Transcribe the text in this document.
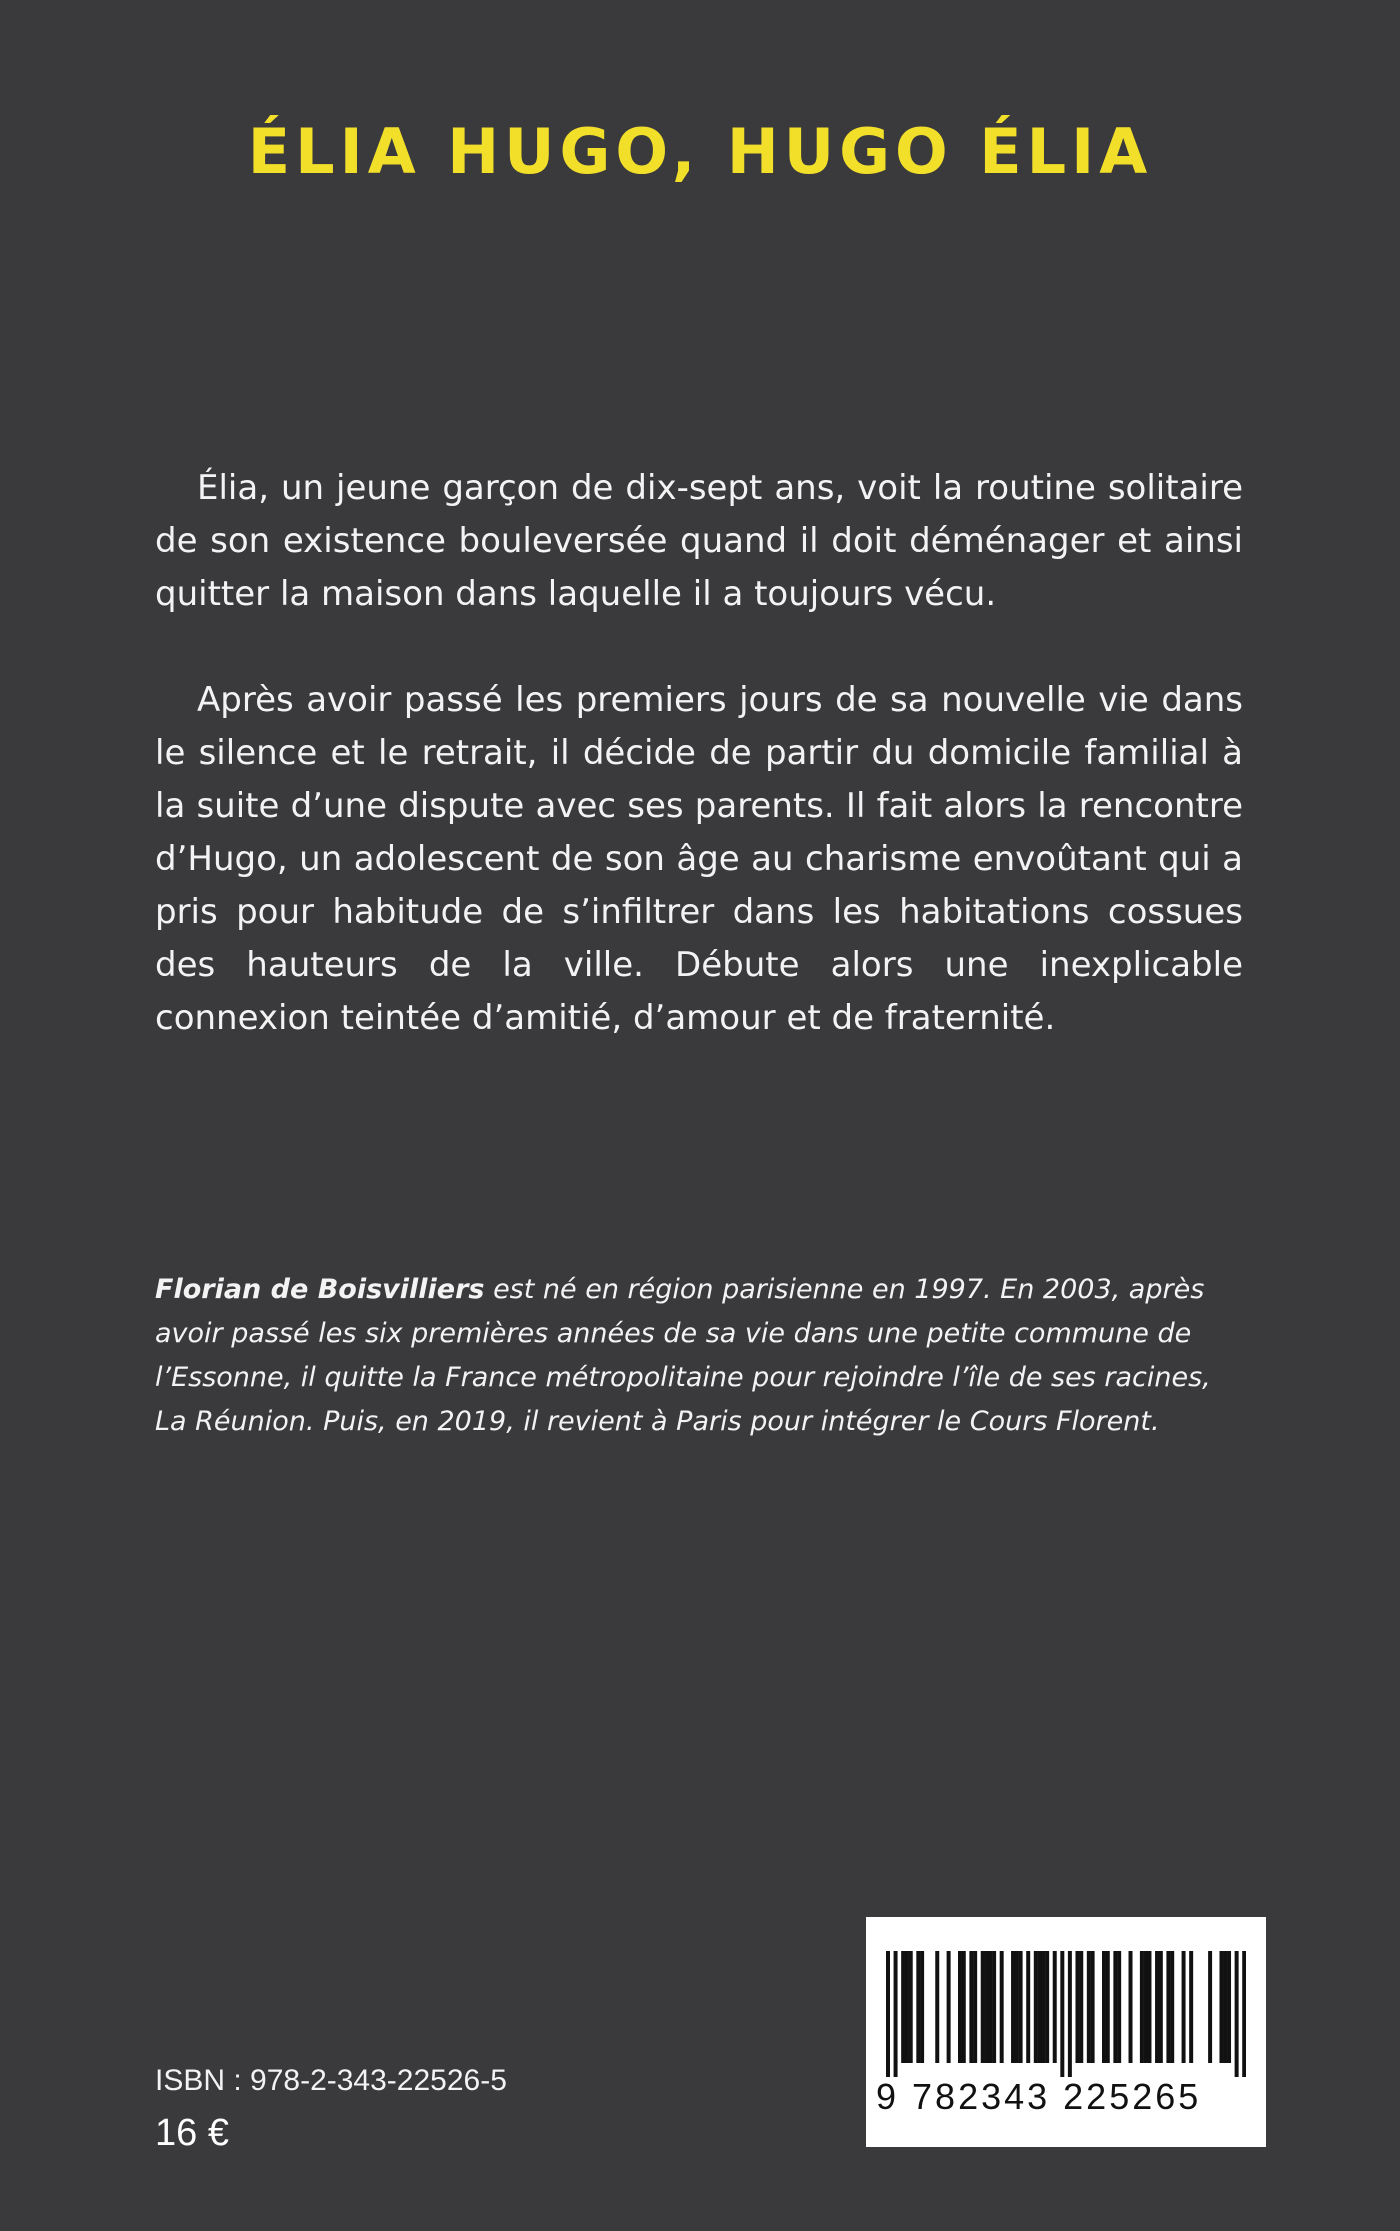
ÉLIA HUGO, HUGO ÉLIA

Élia, un jeune garçon de dix-sept ans, voit la routine solitaire de son existence bouleversée quand il doit déménager et ainsi quitter la maison dans laquelle il a toujours vécu.

Après avoir passé les premiers jours de sa nouvelle vie dans le silence et le retrait, il décide de partir du domicile familial à la suite d’une dispute avec ses parents. Il fait alors la rencontre d’Hugo, un adolescent de son âge au charisme envoûtant qui a pris pour habitude de s’infiltrer dans les habitations cossues des hauteurs de la ville. Débute alors une inexplicable connexion teintée d’amitié, d’amour et de fraternité.

Florian de Boisvilliers est né en région parisienne en 1997. En 2003, après avoir passé les six premières années de sa vie dans une petite commune de l’Essonne, il quitte la France métropolitaine pour rejoindre l’île de ses racines, La Réunion. Puis, en 2019, il revient à Paris pour intégrer le Cours Florent.

ISBN : 978-2-343-22526-5
16 €
9 782343 225265
